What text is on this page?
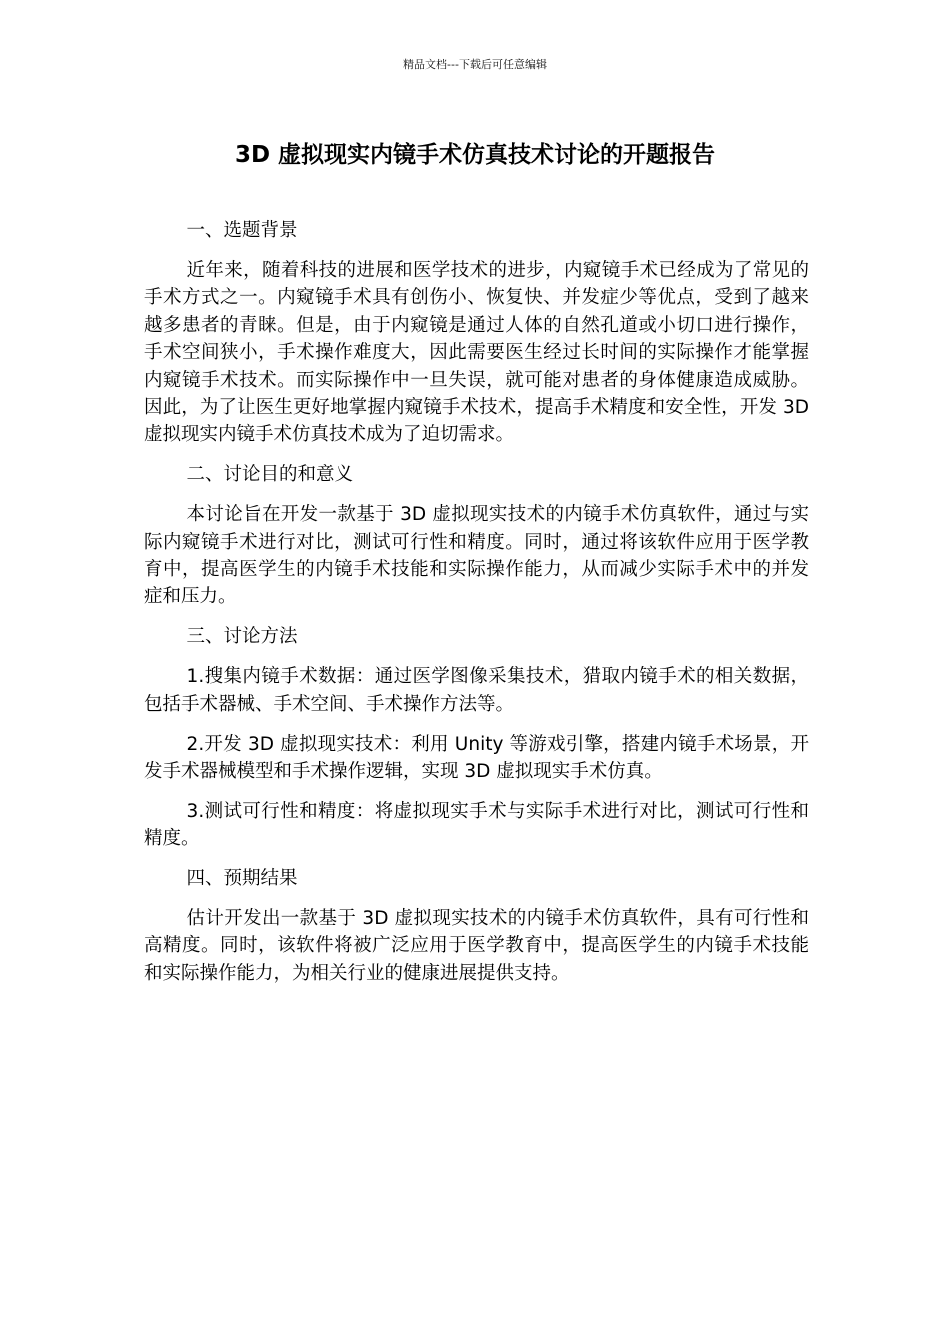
精品文档---下载后可任意编辑
3D 虚拟现实内镜手术仿真技术讨论的开题报告

一、选题背景

近年来，随着科技的进展和医学技术的进步，内窥镜手术已经成为了常见的手术方式之一。内窥镜手术具有创伤小、恢复快、并发症少等优点，受到了越来越多患者的青睐。但是，由于内窥镜是通过人体的自然孔道或小切口进行操作，手术空间狭小，手术操作难度大，因此需要医生经过长时间的实际操作才能掌握内窥镜手术技术。而实际操作中一旦失误，就可能对患者的身体健康造成威胁。因此，为了让医生更好地掌握内窥镜手术技术，提高手术精度和安全性，开发 3D 虚拟现实内镜手术仿真技术成为了迫切需求。

二、讨论目的和意义

本讨论旨在开发一款基于 3D 虚拟现实技术的内镜手术仿真软件，通过与实际内窥镜手术进行对比，测试可行性和精度。同时，通过将该软件应用于医学教育中，提高医学生的内镜手术技能和实际操作能力，从而减少实际手术中的并发症和压力。

三、讨论方法

1.搜集内镜手术数据：通过医学图像采集技术，猎取内镜手术的相关数据，包括手术器械、手术空间、手术操作方法等。

2.开发 3D 虚拟现实技术：利用 Unity 等游戏引擎，搭建内镜手术场景，开发手术器械模型和手术操作逻辑，实现 3D 虚拟现实手术仿真。

3.测试可行性和精度：将虚拟现实手术与实际手术进行对比，测试可行性和精度。

四、预期结果

估计开发出一款基于 3D 虚拟现实技术的内镜手术仿真软件，具有可行性和高精度。同时，该软件将被广泛应用于医学教育中，提高医学生的内镜手术技能和实际操作能力，为相关行业的健康进展提供支持。
